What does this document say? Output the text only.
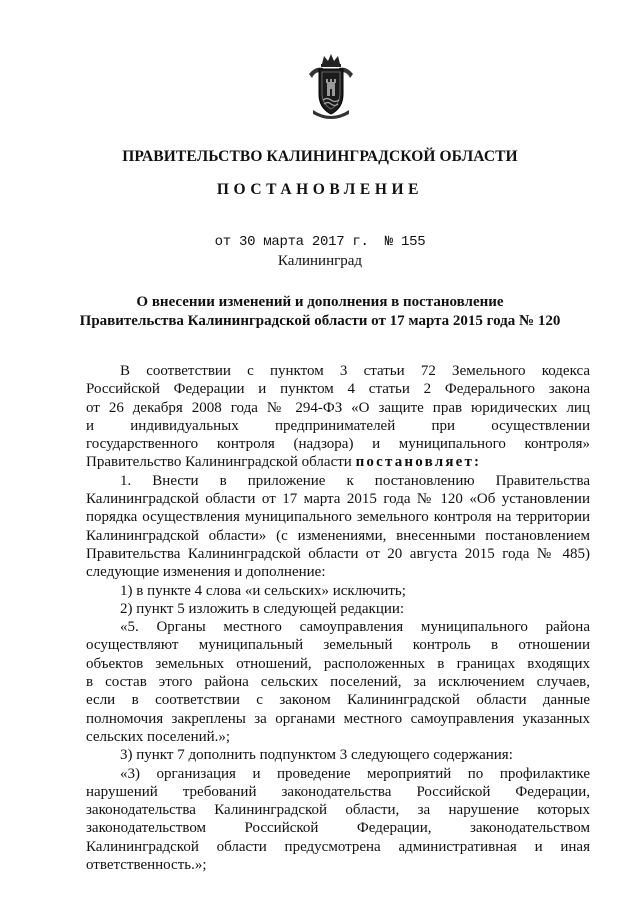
ПРАВИТЕЛЬСТВО КАЛИНИНГРАДСКОЙ ОБЛАСТИ
ПОСТАНОВЛЕНИЕ
от 30 марта 2017 г.  № 155
Калининград
О внесении изменений и дополнения в постановление
Правительства Калининградской области от 17 марта 2015 года № 120

В соответствии с пунктом 3 статьи 72 Земельного кодекса

Российской Федерации и пунктом 4 статьи 2 Федерального закона

от 26 декабря 2008 года № 294-ФЗ «О защите прав юридических лиц

и индивидуальных предпринимателей при осуществлении

государственного контроля (надзора) и муниципального контроля»

Правительство Калининградской области постановляет:

1. Внести в приложение к постановлению Правительства

Калининградской области от 17 марта 2015 года № 120 «Об установлении

порядка осуществления муниципального земельного контроля на территории

Калининградской области» (с изменениями, внесенными постановлением

Правительства Калининградской области от 20 августа 2015 года № 485)

следующие изменения и дополнение:

1) в пункте 4 слова «и сельских» исключить;

2) пункт 5 изложить в следующей редакции:

«5. Органы местного самоуправления муниципального района

осуществляют муниципальный земельный контроль в отношении

объектов земельных отношений, расположенных в границах входящих

в состав этого района сельских поселений, за исключением случаев,

если в соответствии с законом Калининградской области данные

полномочия закреплены за органами местного самоуправления указанных

сельских поселений.»;

3) пункт 7 дополнить подпунктом 3 следующего содержания:

«3) организация и проведение мероприятий по профилактике

нарушений требований законодательства Российской Федерации,

законодательства Калининградской области, за нарушение которых

законодательством Российской Федерации, законодательством

Калининградской области предусмотрена административная и иная

ответственность.»;
